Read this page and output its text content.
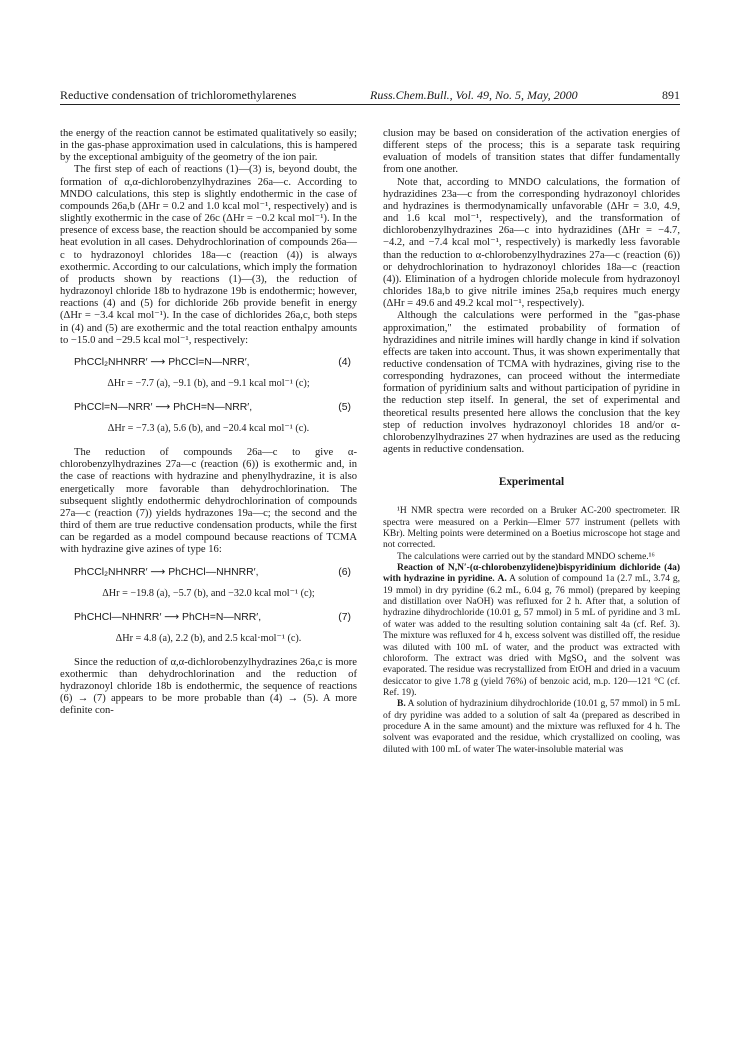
Reductive condensation of trichloromethylarenes	Russ.Chem.Bull., Vol. 49, No. 5, May, 2000	891

the energy of the reaction cannot be estimated qualitatively so easily; in the gas-phase approximation used in calculations, this is hampered by the exceptional ambiguity of the geometry of the ion pair.

The first step of each of reactions (1)—(3) is, beyond doubt, the formation of α,α-dichlorobenzylhydrazines 26a—c. According to MNDO calculations, this step is slightly endothermic in the case of compounds 26a,b (ΔHr = 0.2 and 1.0 kcal mol⁻¹, respectively) and is slightly exothermic in the case of 26c (ΔHr = −0.2 kcal mol⁻¹). In the presence of excess base, the reaction should be accompanied by some heat evolution in all cases. Dehydrochlorination of compounds 26a—c to hydrazonoyl chlorides 18a—c (reaction (4)) is always exothermic. According to our calculations, which imply the formation of products shown by reactions (1)—(3), the reduction of hydrazonoyl chloride 18b to hydrazone 19b is endothermic; however, reactions (4) and (5) for dichloride 26b provide benefit in energy (ΔHr = −3.4 kcal mol⁻¹). In the case of dichlorides 26a,c, both steps in (4) and (5) are exothermic and the total reaction enthalpy amounts to −15.0 and −29.5 kcal mol⁻¹, respectively:

PhCCl₂NHNRR′ ⟶ PhCCl=N—NRR′,	(4)
ΔHr = −7.7 (a), −9.1 (b), and −9.1 kcal mol⁻¹ (c);
PhCCl=N—NRR′ ⟶ PhCH=N—NRR′,	(5)
ΔHr = −7.3 (a), 5.6 (b), and −20.4 kcal mol⁻¹ (c).

The reduction of compounds 26a—c to give α-chlorobenzylhydrazines 27a—c (reaction (6)) is exothermic and, in the case of reactions with hydrazine and phenylhydrazine, it is also energetically more favorable than dehydrochlorination. The subsequent slightly endothermic dehydrochlorination of compounds 27a—c (reaction (7)) yields hydrazones 19a—c; the second and the third of them are true reductive condensation products, while the first can be regarded as a model compound because reactions of TCMA with hydrazine give azines of type 16:

PhCCl₂NHNRR′ ⟶ PhCHCl—NHNRR′,	(6)
ΔHr = −19.8 (a), −5.7 (b), and −32.0 kcal mol⁻¹ (c);
PhCHCl—NHNRR′ ⟶ PhCH=N—NRR′,	(7)
ΔHr = 4.8 (a), 2.2 (b), and 2.5 kcal·mol⁻¹ (c).

Since the reduction of α,α-dichlorobenzylhydrazines 26a,c is more exothermic than dehydrochlorination and the reduction of hydrazonoyl chloride 18b is endothermic, the sequence of reactions (6) → (7) appears to be more probable than (4) → (5). A more definite con-

clusion may be based on consideration of the activation energies of different steps of the process; this is a separate task requiring evaluation of models of transition states that differ fundamentally from one another.

Note that, according to MNDO calculations, the formation of hydrazidines 23a—c from the corresponding hydrazonoyl chlorides and hydrazines is thermodynamically unfavorable (ΔHr = 3.0, 4.9, and 1.6 kcal mol⁻¹, respectively), and the transformation of dichlorobenzylhydrazines 26a—c into hydrazidines (ΔHr = −4.7, −4.2, and −7.4 kcal mol⁻¹, respectively) is markedly less favorable than the reduction to α-chlorobenzylhydrazines 27a—c (reaction (6)) or dehydrochlorination to hydrazonoyl chlorides 18a—c (reaction (4)). Elimination of a hydrogen chloride molecule from hydrazonoyl chlorides 18a,b to give nitrile imines 25a,b requires much energy (ΔHr = 49.6 and 49.2 kcal mol⁻¹, respectively).

Although the calculations were performed in the "gas-phase approximation," the estimated probability of formation of hydrazidines and nitrile imines will hardly change in kind if solvation effects are taken into account. Thus, it was shown experimentally that reductive condensation of TCMA with hydrazines, giving rise to the corresponding hydrazones, can proceed without the intermediate formation of pyridinium salts and without participation of pyridine in the reduction step itself. In general, the set of experimental and theoretical results presented here allows the conclusion that the key step of reduction involves hydrazonoyl chlorides 18 and/or α-chlorobenzylhydrazines 27 when hydrazines are used as the reducing agents in reductive condensation.

Experimental

¹H NMR spectra were recorded on a Bruker AC-200 spectrometer. IR spectra were measured on a Perkin—Elmer 577 instrument (pellets with KBr). Melting points were determined on a Boetius microscope hot stage and not corrected.

The calculations were carried out by the standard MNDO scheme.¹⁶

Reaction of N,N′-(α-chlorobenzylidene)bispyridinium dichloride (4a) with hydrazine in pyridine. A. A solution of compound 1a (2.7 mL, 3.74 g, 19 mmol) in dry pyridine (6.2 mL, 6.04 g, 76 mmol) (prepared by keeping and distillation over NaOH) was refluxed for 2 h. After that, a solution of hydrazine dihydrochloride (10.01 g, 57 mmol) in 5 mL of pyridine and 3 mL of water was added to the resulting solution containing salt 4a (cf. Ref. 3). The mixture was refluxed for 4 h, excess solvent was distilled off, the residue was diluted with 100 mL of water, and the product was extracted with chloroform. The extract was dried with MgSO₄ and the solvent was evaporated. The residue was recrystallized from EtOH and dried in a vacuum desiccator to give 1.78 g (yield 76%) of benzoic acid, m.p. 120—121 °C (cf. Ref. 19).

B. A solution of hydrazinium dihydrochloride (10.01 g, 57 mmol) in 5 mL of dry pyridine was added to a solution of salt 4a (prepared as described in procedure A in the same amount) and the mixture was refluxed for 4 h. The solvent was evaporated and the residue, which crystallized on cooling, was diluted with 100 mL of water The water-insoluble material was
